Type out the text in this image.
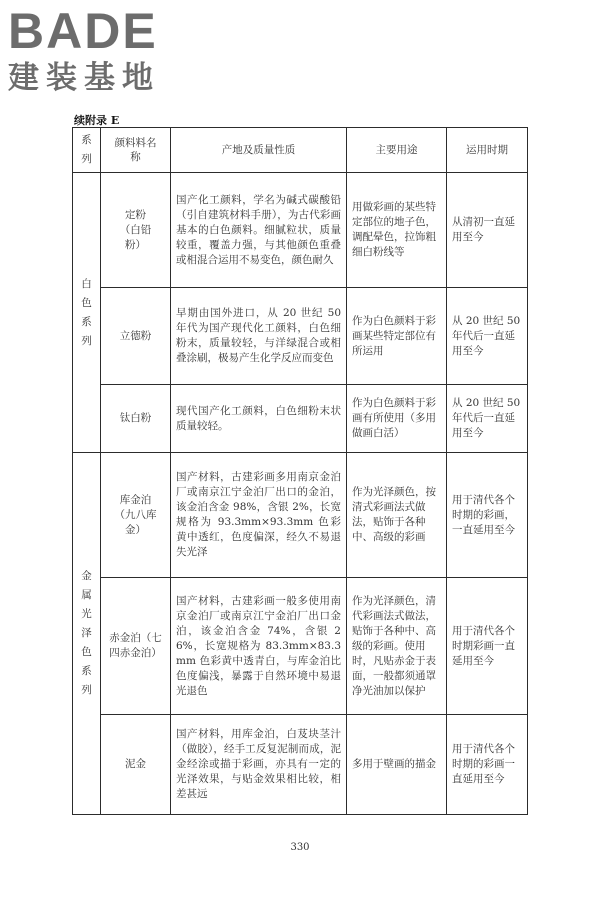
BADE
建装基地
续附录 E
系列	颜料料名称	产地及质量性质	主要用途	运用时期
白色系列	定粉（白铅粉）	国产化工颜料，学名为碱式碳酸铅（引自建筑材料手册），为古代彩画基本的白色颜料。细腻粒状，质量较重，覆盖力强，与其他颜色重叠或相混合运用不易变色，颜色耐久	用做彩画的某些特定部位的地子色，调配晕色，拉饰粗细白粉线等	从清初一直延用至今
	立德粉	早期由国外进口，从 20 世纪 50 年代为国产现代化工颜料，白色细粉末，质量较轻，与洋绿混合或相叠涂刷，极易产生化学反应而变色	作为白色颜料于彩画某些特定部位有所运用	从 20 世纪 50 年代后一直延用至今
	钛白粉	现代国产化工颜料，白色细粉末状质量较轻。	作为白色颜料于彩画有所使用（多用做画白活）	从 20 世纪 50 年代后一直延用至今
金属光泽色系列	库金泊（九八库金）	国产材料，古建彩画多用南京金泊厂或南京江宁金泊厂出口的金泊，该金泊含金 98%，含银 2%，长宽规格为 93.3mm×93.3mm 色彩黄中透红，色度偏深，经久不易退失光泽	作为光泽颜色，按清式彩画法式做法，贴饰于各种中、高级的彩画	用于清代各个时期的彩画，一直延用至今
	赤金泊（七四赤金泊）	国产材料，古建彩画一般多使用南京金泊厂或南京江宁金泊厂出口金泊，该金泊含金 74%，含银 26%，长宽规格为 83.3mm×83.3mm 色彩黄中透青白，与库金泊比色度偏浅，暴露于自然环境中易退光退色	作为光泽颜色，清代彩画法式做法，贴饰于各种中、高级的彩画。使用时，凡贴赤金于表面，一般都须通罩净光油加以保护	用于清代各个时期彩画一直延用至今
	泥金	国产材料，用库金泊，白芨块茎汁（做胶），经手工反复泥制而成，泥金经涂或描于彩画，亦具有一定的光泽效果，与贴金效果相比较，相差甚远	多用于壁画的描金	用于清代各个时期的彩画一直延用至今
330
